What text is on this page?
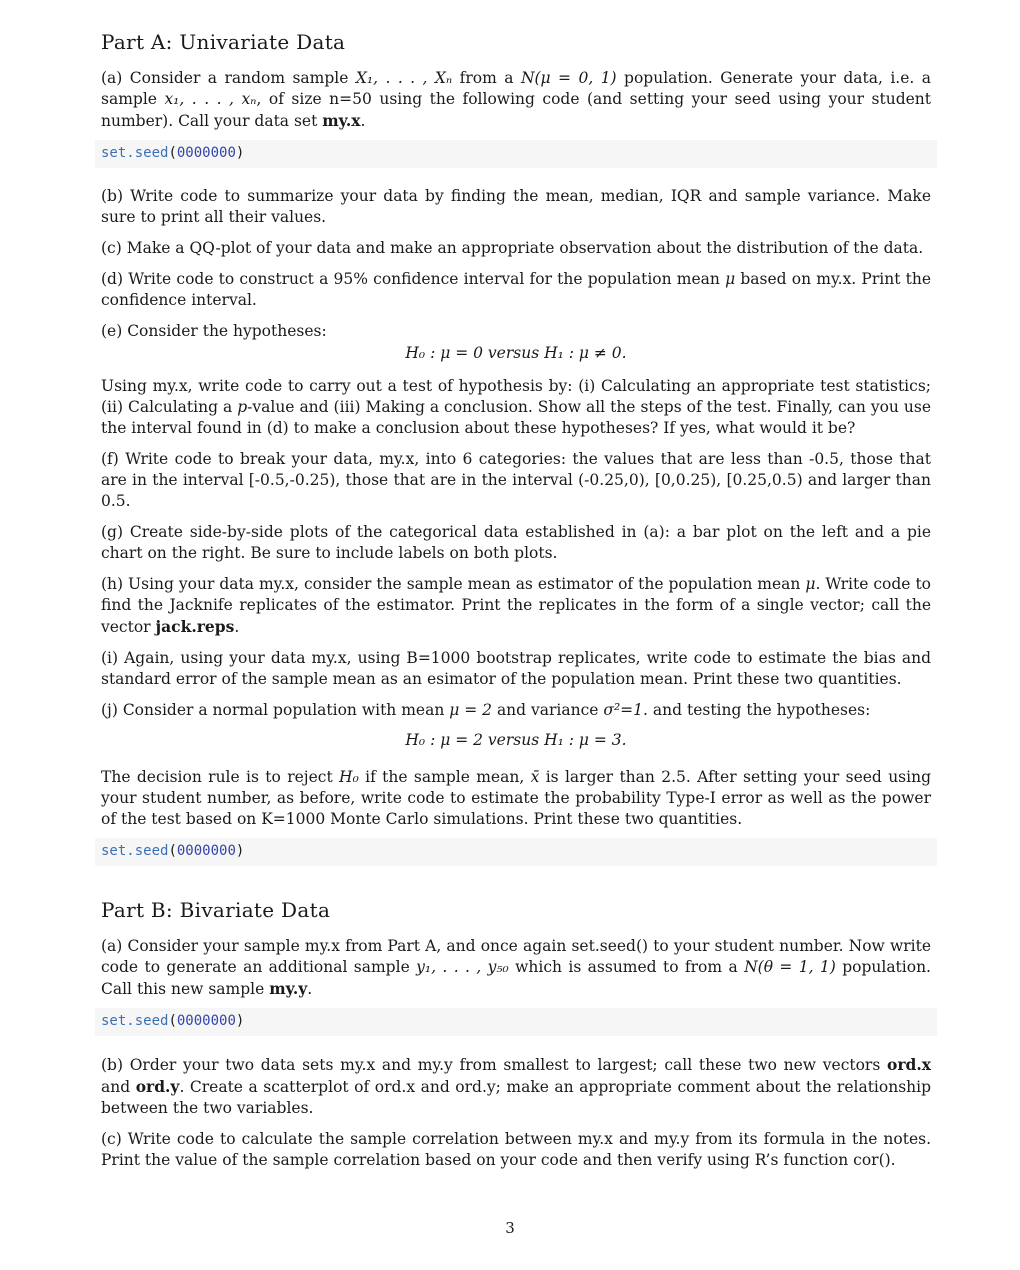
Part A: Univariate Data

(a) Consider a random sample X₁, . . . , Xₙ from a N(μ = 0, 1) population. Generate your data, i.e. a sample x₁, . . . , xₙ, of size n=50 using the following code (and setting your seed using your student number). Call your data set my.x.

set.seed(0000000)

(b) Write code to summarize your data by finding the mean, median, IQR and sample variance. Make sure to print all their values.

(c) Make a QQ-plot of your data and make an appropriate observation about the distribution of the data.

(d) Write code to construct a 95% confidence interval for the population mean μ based on my.x. Print the confidence interval.

(e) Consider the hypotheses:

H₀ : μ = 0 versus H₁ : μ ≠ 0.

Using my.x, write code to carry out a test of hypothesis by: (i) Calculating an appropriate test statistics; (ii) Calculating a p-value and (iii) Making a conclusion. Show all the steps of the test. Finally, can you use the interval found in (d) to make a conclusion about these hypotheses? If yes, what would it be?

(f) Write code to break your data, my.x, into 6 categories: the values that are less than -0.5, those that are in the interval [-0.5,-0.25), those that are in the interval (-0.25,0), [0,0.25), [0.25,0.5) and larger than 0.5.

(g) Create side-by-side plots of the categorical data established in (a): a bar plot on the left and a pie chart on the right. Be sure to include labels on both plots.

(h) Using your data my.x, consider the sample mean as estimator of the population mean μ. Write code to find the Jacknife replicates of the estimator. Print the replicates in the form of a single vector; call the vector jack.reps.

(i) Again, using your data my.x, using B=1000 bootstrap replicates, write code to estimate the bias and standard error of the sample mean as an esimator of the population mean. Print these two quantities.

(j) Consider a normal population with mean μ = 2 and variance σ²=1. and testing the hypotheses:

H₀ : μ = 2 versus H₁ : μ = 3.

The decision rule is to reject H₀ if the sample mean, x̄ is larger than 2.5. After setting your seed using your student number, as before, write code to estimate the probability Type-I error as well as the power of the test based on K=1000 Monte Carlo simulations. Print these two quantities.

set.seed(0000000)
Part B: Bivariate Data

(a) Consider your sample my.x from Part A, and once again set.seed() to your student number. Now write code to generate an additional sample y₁, . . . , y₅₀ which is assumed to from a N(θ = 1, 1) population. Call this new sample my.y.

set.seed(0000000)

(b) Order your two data sets my.x and my.y from smallest to largest; call these two new vectors ord.x and ord.y. Create a scatterplot of ord.x and ord.y; make an appropriate comment about the relationship between the two variables.

(c) Write code to calculate the sample correlation between my.x and my.y from its formula in the notes. Print the value of the sample correlation based on your code and then verify using R’s function cor().

3
